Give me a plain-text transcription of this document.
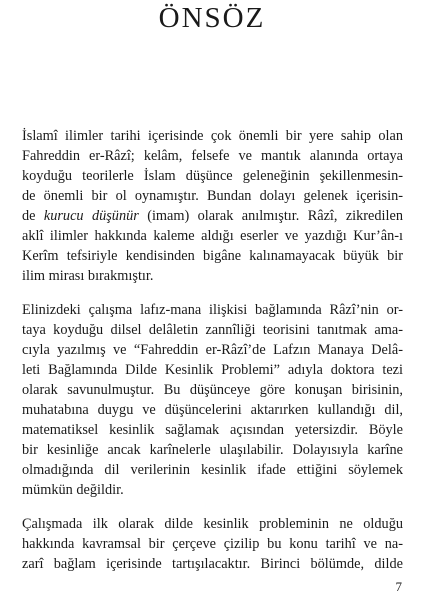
ÖNSÖZ
İslamî ilimler tarihi içerisinde çok önemli bir yere sahip olan
Fahreddin er-Râzî; kelâm, felsefe ve mantık alanında ortaya
koyduğu teorilerle İslam düşünce geleneğinin şekillenmesin-
de önemli bir ol oynamıştır. Bundan dolayı gelenek içerisin-
de kurucu düşünür (imam) olarak anılmıştır. Râzî, zikredilen
aklî ilimler hakkında kaleme aldığı eserler ve yazdığı Kur’ân-ı
Kerîm tefsiriyle kendisinden bigâne kalınamayacak büyük bir
ilim mirası bırakmıştır.
Elinizdeki çalışma lafız-mana ilişkisi bağlamında Râzî’nin or-
taya koyduğu dilsel delâletin zannîliği teorisini tanıtmak ama-
cıyla yazılmış ve “Fahreddin er-Râzî’de Lafzın Manaya Delâ-
leti Bağlamında Dilde Kesinlik Problemi” adıyla doktora tezi
olarak savunulmuştur. Bu düşünceye göre konuşan birisinin,
muhatabına duygu ve düşüncelerini aktarırken kullandığı dil,
matematiksel kesinlik sağlamak açısından yetersizdir. Böyle
bir kesinliğe ancak karînelerle ulaşılabilir. Dolayısıyla karîne
olmadığında dil verilerinin kesinlik ifade ettiğini söylemek
mümkün değildir.
Çalışmada ilk olarak dilde kesinlik probleminin ne olduğu
hakkında kavramsal bir çerçeve çizilip bu konu tarihî ve na-
zarî bağlam içerisinde tartışılacaktır. Birinci bölümde, dilde
7
